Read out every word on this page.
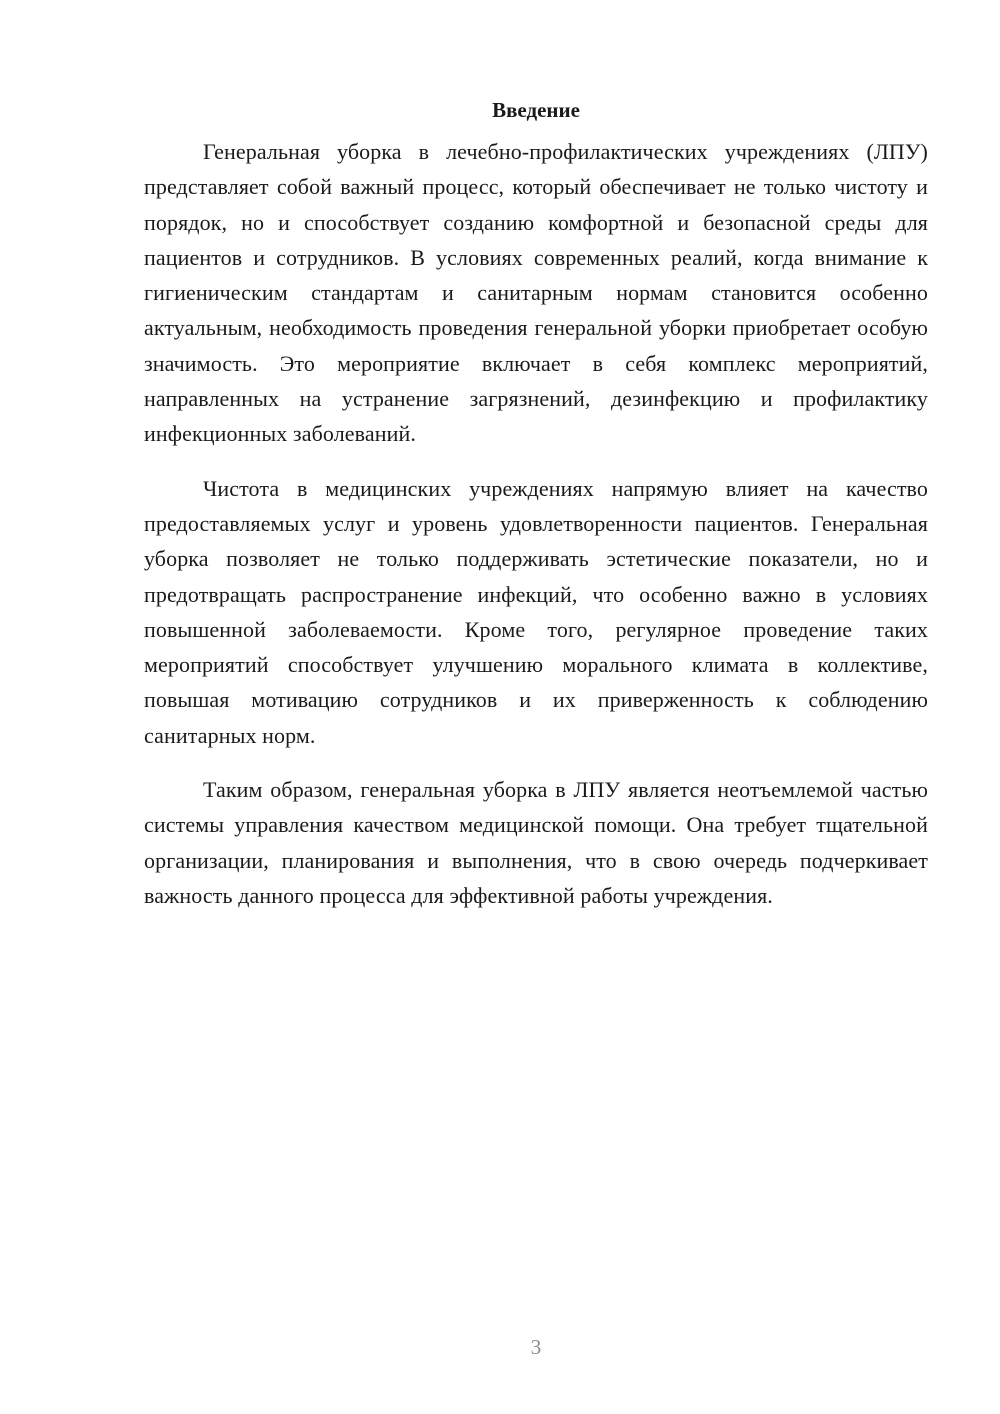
Введение

Генеральная уборка в лечебно-профилактических учреждениях (ЛПУ) представляет собой важный процесс, который обеспечивает не только чистоту и порядок, но и способствует созданию комфортной и безопасной среды для пациентов и сотрудников. В условиях современных реалий, когда внимание к гигиеническим стандартам и санитарным нормам становится особенно актуальным, необходимость проведения генеральной уборки приобретает особую значимость. Это мероприятие включает в себя комплекс мероприятий, направленных на устранение загрязнений, дезинфекцию и профилактику инфекционных заболеваний.

Чистота в медицинских учреждениях напрямую влияет на качество предоставляемых услуг и уровень удовлетворенности пациентов. Генеральная уборка позволяет не только поддерживать эстетические показатели, но и предотвращать распространение инфекций, что особенно важно в условиях повышенной заболеваемости. Кроме того, регулярное проведение таких мероприятий способствует улучшению морального климата в коллективе, повышая мотивацию сотрудников и их приверженность к соблюдению санитарных норм.

Таким образом, генеральная уборка в ЛПУ является неотъемлемой частью системы управления качеством медицинской помощи. Она требует тщательной организации, планирования и выполнения, что в свою очередь подчеркивает важность данного процесса для эффективной работы учреждения.

3
